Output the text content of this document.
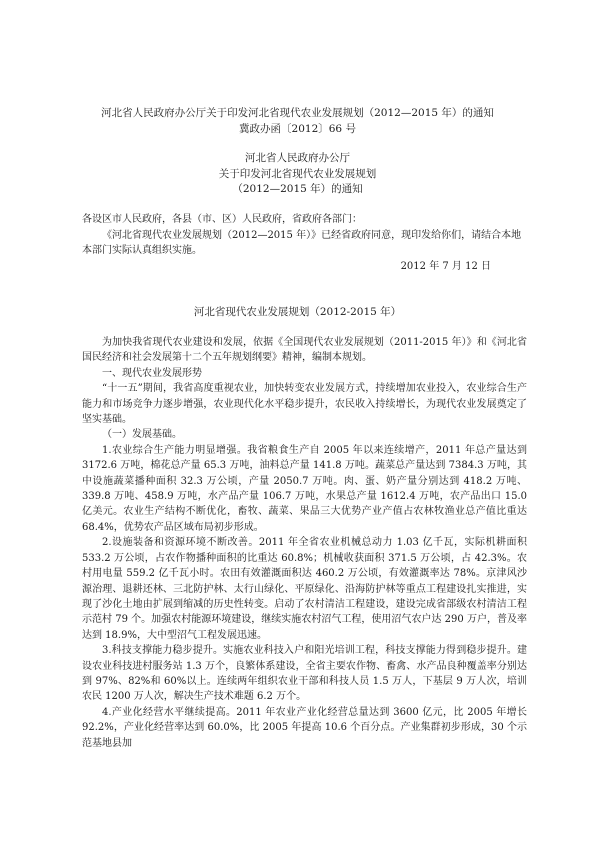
河北省人民政府办公厅关于印发河北省现代农业发展规划（2012—2015 年）的通知
冀政办函〔2012〕66 号
河北省人民政府办公厅
关于印发河北省现代农业发展规划
（2012—2015 年）的通知

各设区市人民政府，各县（市、区）人民政府，省政府各部门：

《河北省现代农业发展规划（2012—2015 年）》已经省政府同意，现印发给你们，请结合本地本部门实际认真组织实施。

2012 年 7 月 12 日

河北省现代农业发展规划（2012-2015 年）

为加快我省现代农业建设和发展，依据《全国现代农业发展规划（2011-2015 年）》和《河北省国民经济和社会发展第十二个五年规划纲要》精神，编制本规划。

一、现代农业发展形势

“十一五”期间，我省高度重视农业，加快转变农业发展方式，持续增加农业投入，农业综合生产能力和市场竞争力逐步增强，农业现代化水平稳步提升，农民收入持续增长，为现代农业发展奠定了坚实基础。

（一）发展基础。

1.农业综合生产能力明显增强。我省粮食生产自 2005 年以来连续增产，2011 年总产量达到 3172.6 万吨，棉花总产量 65.3 万吨，油料总产量 141.8 万吨。蔬菜总产量达到 7384.3 万吨，其中设施蔬菜播种面积 32.3 万公顷，产量 2050.7 万吨。肉、蛋、奶产量分别达到 418.2 万吨、339.8 万吨、458.9 万吨，水产品产量 106.7 万吨，水果总产量 1612.4 万吨，农产品出口 15.0 亿美元。农业生产结构不断优化，畜牧、蔬菜、果品三大优势产业产值占农林牧渔业总产值比重达 68.4%，优势农产品区域布局初步形成。

2.设施装备和资源环境不断改善。2011 年全省农业机械总动力 1.03 亿千瓦，实际机耕面积 533.2 万公顷，占农作物播种面积的比重达 60.8%；机械收获面积 371.5 万公顷，占 42.3%。农村用电量 559.2 亿千瓦小时。农田有效灌溉面积达 460.2 万公顷，有效灌溉率达 78%。京津风沙源治理、退耕还林、三北防护林、太行山绿化、平原绿化、沿海防护林等重点工程建设扎实推进，实现了沙化土地由扩展到缩减的历史性转变。启动了农村清洁工程建设，建设完成省部级农村清洁工程示范村 79 个。加强农村能源环境建设，继续实施农村沼气工程，使用沼气农户达 290 万户，普及率达到 18.9%，大中型沼气工程发展迅速。

3.科技支撑能力稳步提升。实施农业科技入户和阳光培训工程，科技支撑能力得到稳步提升。建设农业科技进村服务站 1.3 万个，良繁体系建设，全省主要农作物、畜禽、水产品良种覆盖率分别达到 97%、82%和 60%以上。连续两年组织农业干部和科技人员 1.5 万人，下基层 9 万人次，培训农民 1200 万人次，解决生产技术难题 6.2 万个。

4.产业化经营水平继续提高。2011 年农业产业化经营总量达到 3600 亿元，比 2005 年增长 92.2%，产业化经营率达到 60.0%，比 2005 年提高 10.6 个百分点。产业集群初步形成，30 个示范基地县加
